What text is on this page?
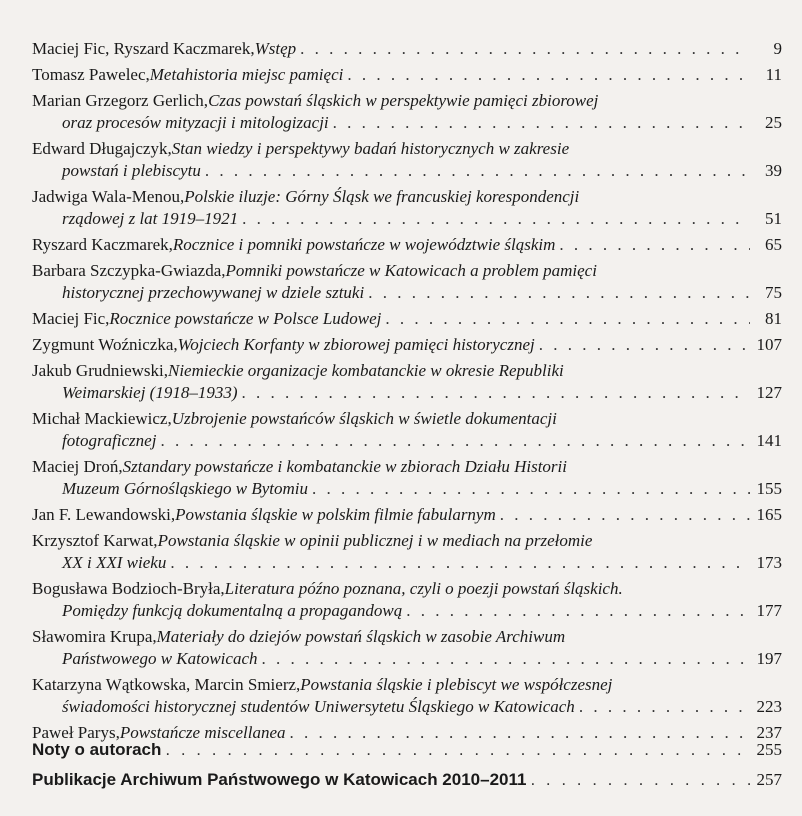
Maciej Fic, Ryszard Kaczmarek, Wstęp . . .	9
Tomasz Pawelec, Metahistoria miejsc pamięci . . .	11
Marian Grzegorz Gerlich, Czas powstań śląskich w perspektywie pamięci zbiorowej
oraz procesów mityzacji i mitologizacji . . .	25
Edward Długajczyk, Stan wiedzy i perspektywy badań historycznych w zakresie
powstań i plebiscytu . . .	39
Jadwiga Wala-Menou, Polskie iluzje: Górny Śląsk we francuskiej korespondencji
rządowej z lat 1919–1921 . . .	51
Ryszard Kaczmarek, Rocznice i pomniki powstańcze w województwie śląskim . . .	65
Barbara Szczypka-Gwiazda, Pomniki powstańcze w Katowicach a problem pamięci
historycznej przechowywanej w dziele sztuki . . .	75
Maciej Fic, Rocznice powstańcze w Polsce Ludowej . . .	81
Zygmunt Woźniczka, Wojciech Korfanty w zbiorowej pamięci historycznej . . .	107
Jakub Grudniewski, Niemieckie organizacje kombatanckie w okresie Republiki
Weimarskiej (1918–1933) . . .	127
Michał Mackiewicz, Uzbrojenie powstańców śląskich w świetle dokumentacji
fotograficznej . . .	141
Maciej Droń, Sztandary powstańcze i kombatanckie w zbiorach Działu Historii
Muzeum Górnośląskiego w Bytomiu . . .	155
Jan F. Lewandowski, Powstania śląskie w polskim filmie fabularnym . . .	165
Krzysztof Karwat, Powstania śląskie w opinii publicznej i w mediach na przełomie
XX i XXI wieku . . .	173
Bogusława Bodzioch-Bryła, Literatura późno poznana, czyli o poezji powstań śląskich.
Pomiędzy funkcją dokumentalną a propagandową . . .	177
Sławomira Krupa, Materiały do dziejów powstań śląskich w zasobie Archiwum
Państwowego w Katowicach . . .	197
Katarzyna Wątkowska, Marcin Smierz, Powstania śląskie i plebiscyt we współczesnej
świadomości historycznej studentów Uniwersytetu Śląskiego w Katowicach . . .	223
Paweł Parys, Powstańcze miscellanea . . .	237
Noty o autorach . . .	255
Publikacje Archiwum Państwowego w Katowicach 2010–2011 . . .	257
